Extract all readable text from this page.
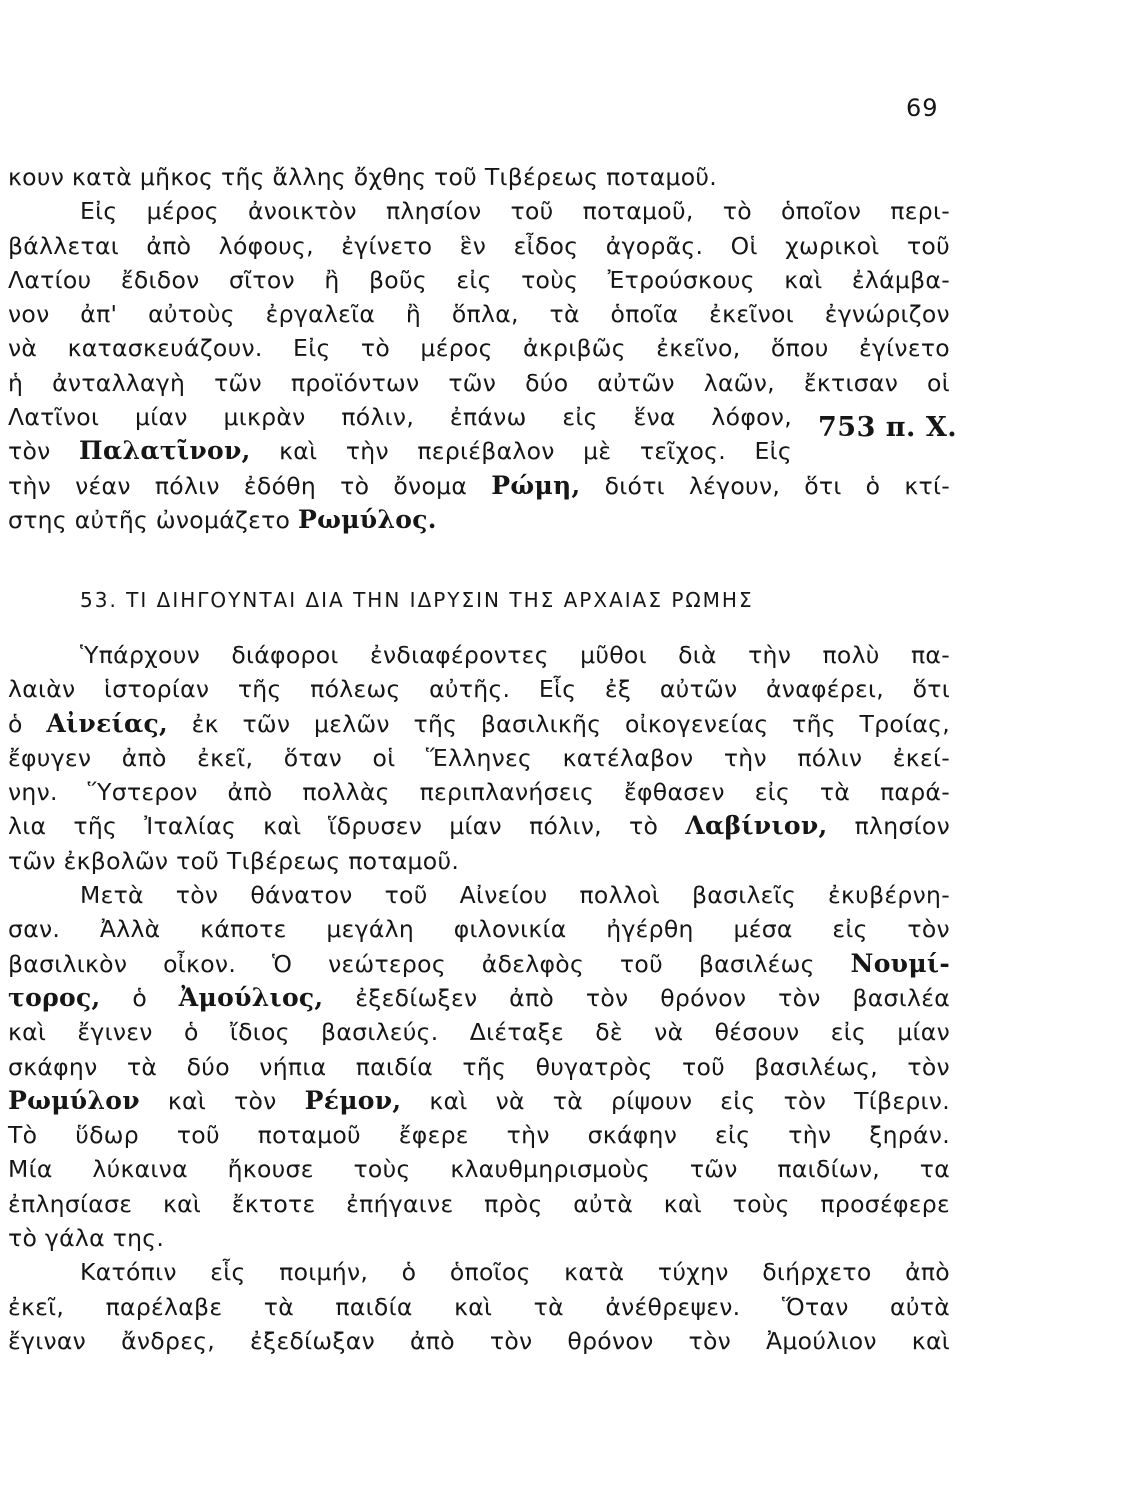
69
κουν κατὰ μῆκος τῆς ἄλλης ὄχθης τοῦ Τιβέρεως ποταμοῦ.
Εἰς μέρος ἀνοικτὸν πλησίον τοῦ ποταμοῦ, τὸ ὁποῖον περι-
βάλλεται ἀπὸ λόφους, ἐγίνετο ἓν εἶδος ἀγορᾶς. Οἱ χωρικοὶ τοῦ
Λατίου ἔδιδον σῖτον ἢ βοῦς εἰς τοὺς Ἐτρούσκους καὶ ἐλάμβα-
νον ἀπ' αὐτοὺς ἐργαλεῖα ἢ ὅπλα, τὰ ὁποῖα ἐκεῖνοι ἐγνώριζον
νὰ κατασκευάζουν. Εἰς τὸ μέρος ἀκριβῶς ἐκεῖνο, ὅπου ἐγίνετο
ἡ ἀνταλλαγὴ τῶν προϊόντων τῶν δύο αὐτῶν λαῶν, ἔκτισαν οἱ
Λατῖνοι μίαν μικρὰν πόλιν, ἐπάνω εἰς ἕνα λόφον,
τὸν Παλατῖνον, καὶ τὴν περιέβαλον μὲ τεῖχος. Εἰς
τὴν νέαν πόλιν ἐδόθη τὸ ὄνομα Ρώμη, διότι λέγουν, ὅτι ὁ κτί-
στης αὐτῆς ὠνομάζετο Ρωμύλος.
753 π. Χ.
53. ΤΙ ΔΙΗΓΟΥΝΤΑΙ ΔΙΑ ΤΗΝ ΙΔΡΥΣΙΝ ΤΗΣ ΑΡΧΑΙΑΣ ΡΩΜΗΣ
Ὑπάρχουν διάφοροι ἐνδιαφέροντες μῦθοι διὰ τὴν πολὺ πα-
λαιὰν ἱστορίαν τῆς πόλεως αὐτῆς. Εἷς ἐξ αὐτῶν ἀναφέρει, ὅτι
ὁ Αἰνείας, ἐκ τῶν μελῶν τῆς βασιλικῆς οἰκογενείας τῆς Τροίας,
ἔφυγεν ἀπὸ ἐκεῖ, ὅταν οἱ Ἕλληνες κατέλαβον τὴν πόλιν ἐκεί-
νην. Ὕστερον ἀπὸ πολλὰς περιπλανήσεις ἔφθασεν εἰς τὰ παρά-
λια τῆς Ἰταλίας καὶ ἵδρυσεν μίαν πόλιν, τὸ Λαβίνιον, πλησίον
τῶν ἐκβολῶν τοῦ Τιβέρεως ποταμοῦ.
Μετὰ τὸν θάνατον τοῦ Αἰνείου πολλοὶ βασιλεῖς ἐκυβέρνη-
σαν. Ἀλλὰ κάποτε μεγάλη φιλονικία ἠγέρθη μέσα εἰς τὸν
βασιλικὸν οἶκον. Ὁ νεώτερος ἀδελφὸς τοῦ βασιλέως Νουμί-
τορος, ὁ Ἀμούλιος, ἐξεδίωξεν ἀπὸ τὸν θρόνον τὸν βασιλέα
καὶ ἔγινεν ὁ ἴδιος βασιλεύς. Διέταξε δὲ νὰ θέσουν εἰς μίαν
σκάφην τὰ δύο νήπια παιδία τῆς θυγατρὸς τοῦ βασιλέως, τὸν
Ρωμύλον καὶ τὸν Ρέμον, καὶ νὰ τὰ ρίψουν εἰς τὸν Τίβεριν.
Τὸ ὕδωρ τοῦ ποταμοῦ ἔφερε τὴν σκάφην εἰς τὴν ξηράν.
Μία λύκαινα ἤκουσε τοὺς κλαυθμηρισμοὺς τῶν παιδίων, τα
ἐπλησίασε καὶ ἔκτοτε ἐπήγαινε πρὸς αὐτὰ καὶ τοὺς προσέφερε
τὸ γάλα της.
Κατόπιν εἷς ποιμήν, ὁ ὁποῖος κατὰ τύχην διήρχετο ἀπὸ
ἐκεῖ, παρέλαβε τὰ παιδία καὶ τὰ ἀνέθρεψεν. Ὅταν αὐτὰ
ἔγιναν ἄνδρες, ἐξεδίωξαν ἀπὸ τὸν θρόνον τὸν Ἀμούλιον καὶ
